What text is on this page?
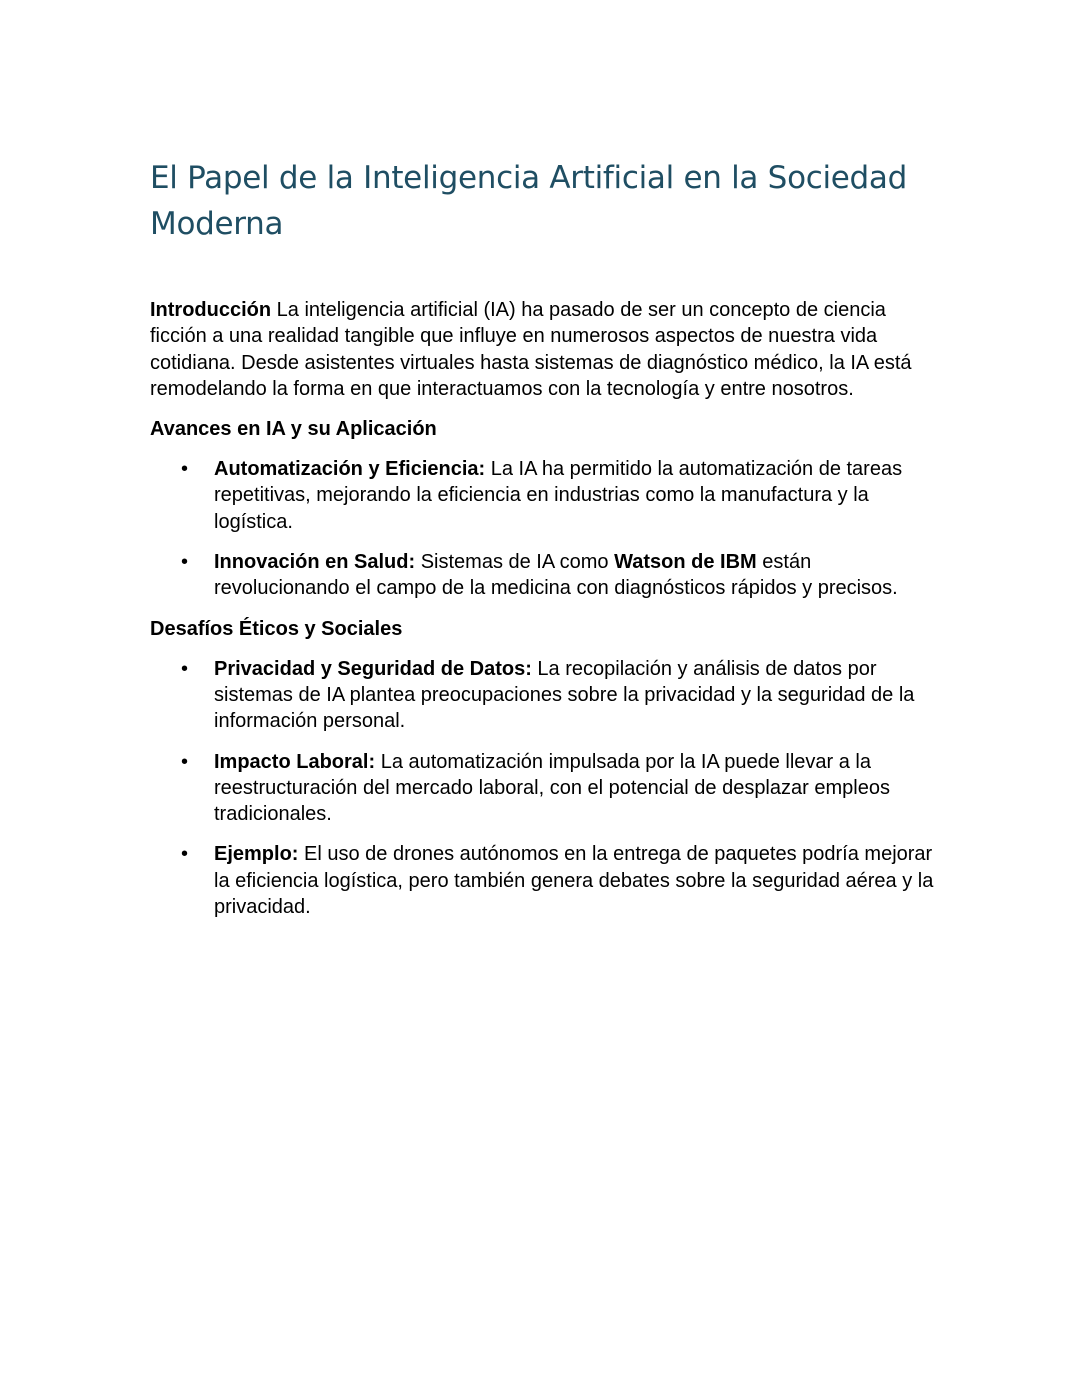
El Papel de la Inteligencia Artificial en la Sociedad Moderna

Introducción La inteligencia artificial (IA) ha pasado de ser un concepto de ciencia ficción a una realidad tangible que influye en numerosos aspectos de nuestra vida cotidiana. Desde asistentes virtuales hasta sistemas de diagnóstico médico, la IA está remodelando la forma en que interactuamos con la tecnología y entre nosotros.

Avances en IA y su Aplicación
• Automatización y Eficiencia: La IA ha permitido la automatización de tareas repetitivas, mejorando la eficiencia en industrias como la manufactura y la logística.
• Innovación en Salud: Sistemas de IA como Watson de IBM están revolucionando el campo de la medicina con diagnósticos rápidos y precisos.
Desafíos Éticos y Sociales
• Privacidad y Seguridad de Datos: La recopilación y análisis de datos por sistemas de IA plantea preocupaciones sobre la privacidad y la seguridad de la información personal.
• Impacto Laboral: La automatización impulsada por la IA puede llevar a la reestructuración del mercado laboral, con el potencial de desplazar empleos tradicionales.
• Ejemplo: El uso de drones autónomos en la entrega de paquetes podría mejorar la eficiencia logística, pero también genera debates sobre la seguridad aérea y la privacidad.
